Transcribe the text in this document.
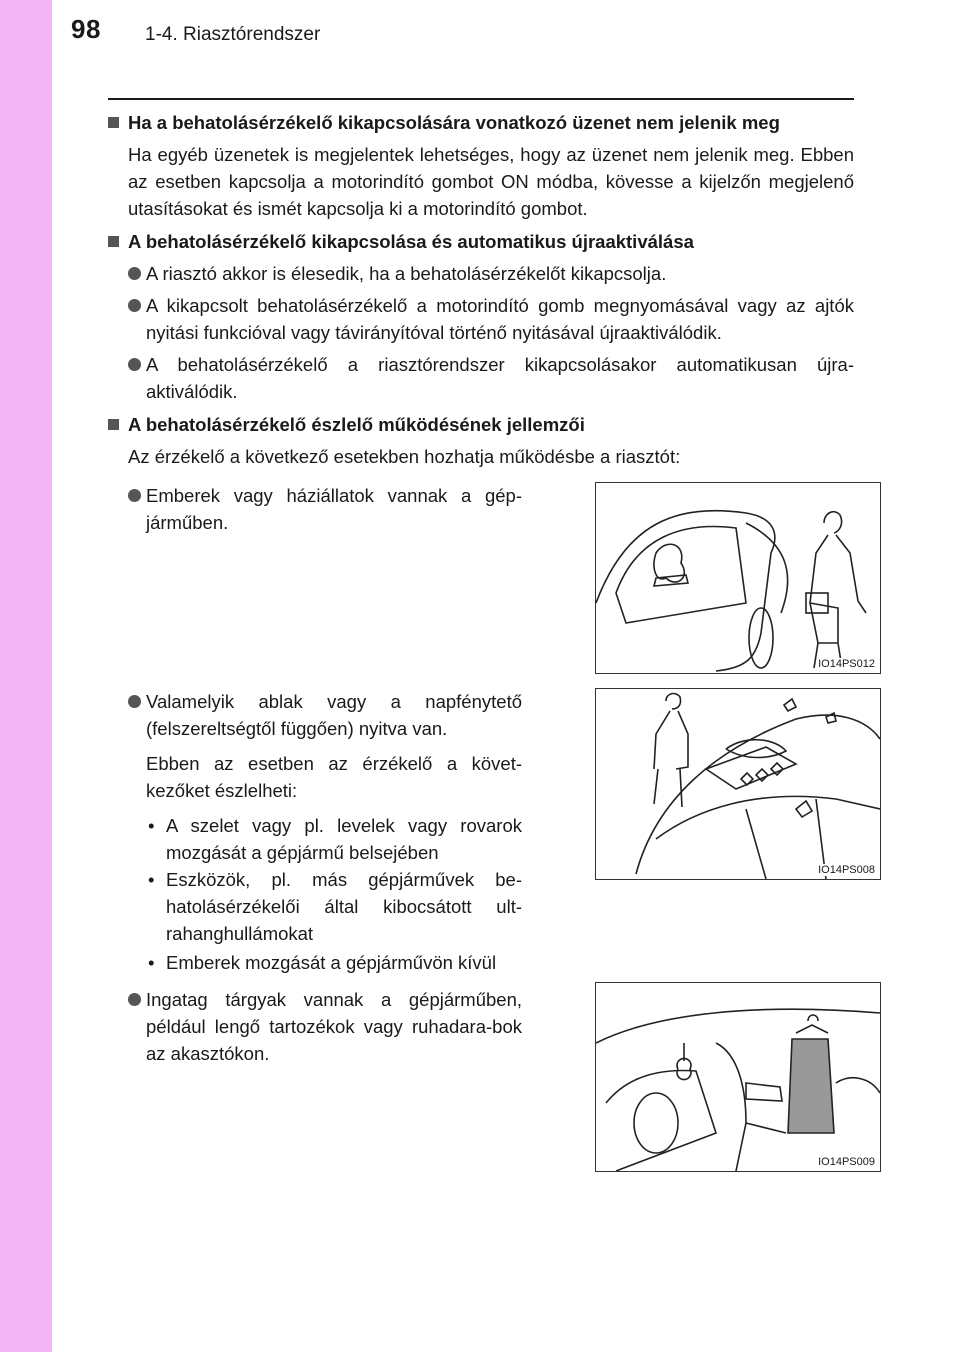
98 1-4. Riasztórendszer
Ha a behatolásérzékelő kikapcsolására vonatkozó üzenet nem jelenik meg
Ha egyéb üzenetek is megjelentek lehetséges, hogy az üzenet nem jelenik meg. Ebben az esetben kapcsolja a motorindító gombot ON módba, kövesse a kijelzőn megjelenő utasításokat és ismét kapcsolja ki a motorindító gombot.
A behatolásérzékelő kikapcsolása és automatikus újraaktiválása
A riasztó akkor is élesedik, ha a behatolásérzékelőt kikapcsolja.
A kikapcsolt behatolásérzékelő a motorindító gomb megnyomásával vagy az ajtók nyitási funkcióval vagy távirányítóval történő nyitásával újraaktiválódik.
A behatolásérzékelő a riasztórendszer kikapcsolásakor automatikusan újra-aktiválódik.
A behatolásérzékelő észlelő működésének jellemzői
Az érzékelő a következő esetekben hozhatja működésbe a riasztót:
Emberek vagy háziállatok vannak a gép-járműben.
IO14PS012
Valamelyik ablak vagy a napfénytető (felszereltségtől függően) nyitva van.
Ebben az esetben az érzékelő a követ-kezőket észlelheti:
• A szelet vagy pl. levelek vagy rovarok mozgását a gépjármű belsejében
• Eszközök, pl. más gépjárművek be-hatolásérzékelői által kibocsátott ult-rahanghullámokat
IO14PS008
• Emberek mozgását a gépjárművön kívül
Ingatag tárgyak vannak a gépjárműben, például lengő tartozékok vagy ruhadara-bok az akasztókon.
IO14PS009
